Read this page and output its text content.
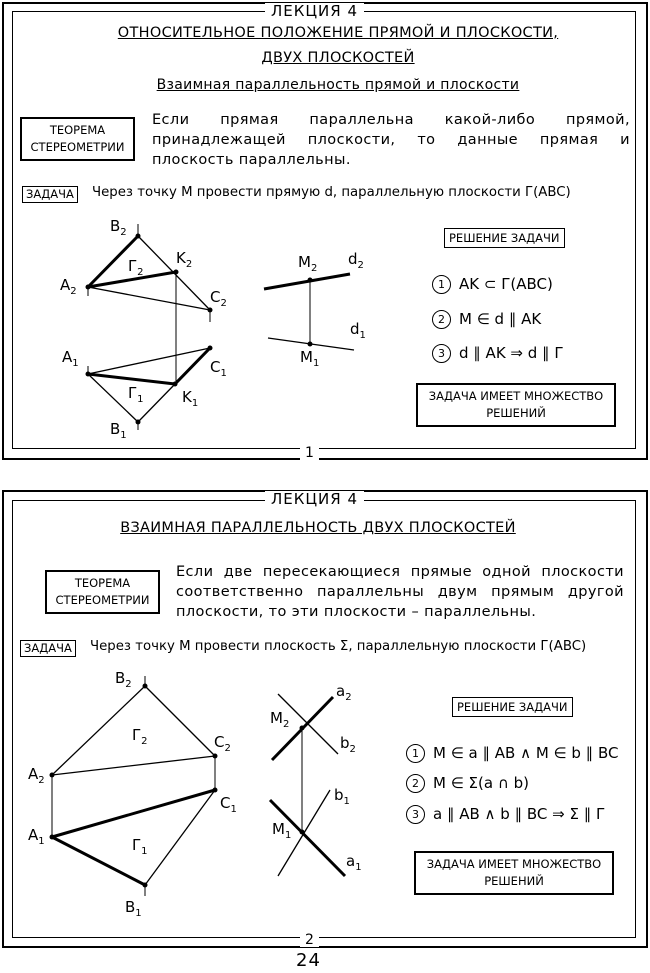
ЛЕКЦИЯ 4
1
ОТНОСИТЕЛЬНОЕ ПОЛОЖЕНИЕ ПРЯМОЙ И ПЛОСКОСТИ,
ДВУХ ПЛОСКОСТЕЙ
Взаимная параллельность прямой и плоскости
ТЕОРЕМА
СТЕРЕОМЕТРИИ
Если прямая параллельна какой-либо прямой, принадлежащей плоскости, то данные прямая и плоскость параллельны.
ЗАДАЧА	Через точку M провести прямую d, параллельную плоскости Г(ABC)
РЕШЕНИЕ ЗАДАЧИ
1 AK ⊂ Г(ABC)
2 M ∈ d ∥ AK
3 d ∥ AK ⇒ d ∥ Г
ЗАДАЧА ИМЕЕТ МНОЖЕСТВО
РЕШЕНИЙ
$B_2$
$Г_2$
$K_2$
$A_2$	$C_2$
$A_1$	$C_1$
$Г_1$	$K_1$
$B_1$
$M_2$
$d_2$
$d_1$
$M_1$
ЛЕКЦИЯ 4
2
ВЗАИМНАЯ ПАРАЛЛЕЛЬНОСТЬ ДВУХ ПЛОСКОСТЕЙ
ТЕОРЕМА
СТЕРЕОМЕТРИИ
Если две пересекающиеся прямые одной плоскости соответственно параллельны двум прямым другой плоскости, то эти плоскости – параллельны.
ЗАДАЧА	Через точку M провести плоскость Σ, параллельную плоскости Г(ABC)
РЕШЕНИЕ ЗАДАЧИ
1 M ∈ a ∥ AB ∧ M ∈ b ∥ BC
2 M ∈ Σ(a ∩ b)
3 a ∥ AB ∧ b ∥ BC ⇒ Σ ∥ Г
ЗАДАЧА ИМЕЕТ МНОЖЕСТВО
РЕШЕНИЙ
$B_2$
$Г_2$	$C_2$
$A_2$
$C_1$
$A_1$	$Г_1$
$B_1$
$M_2$
$a_2$
$b_2$
$b_1$
$M_1$
$a_1$
24
